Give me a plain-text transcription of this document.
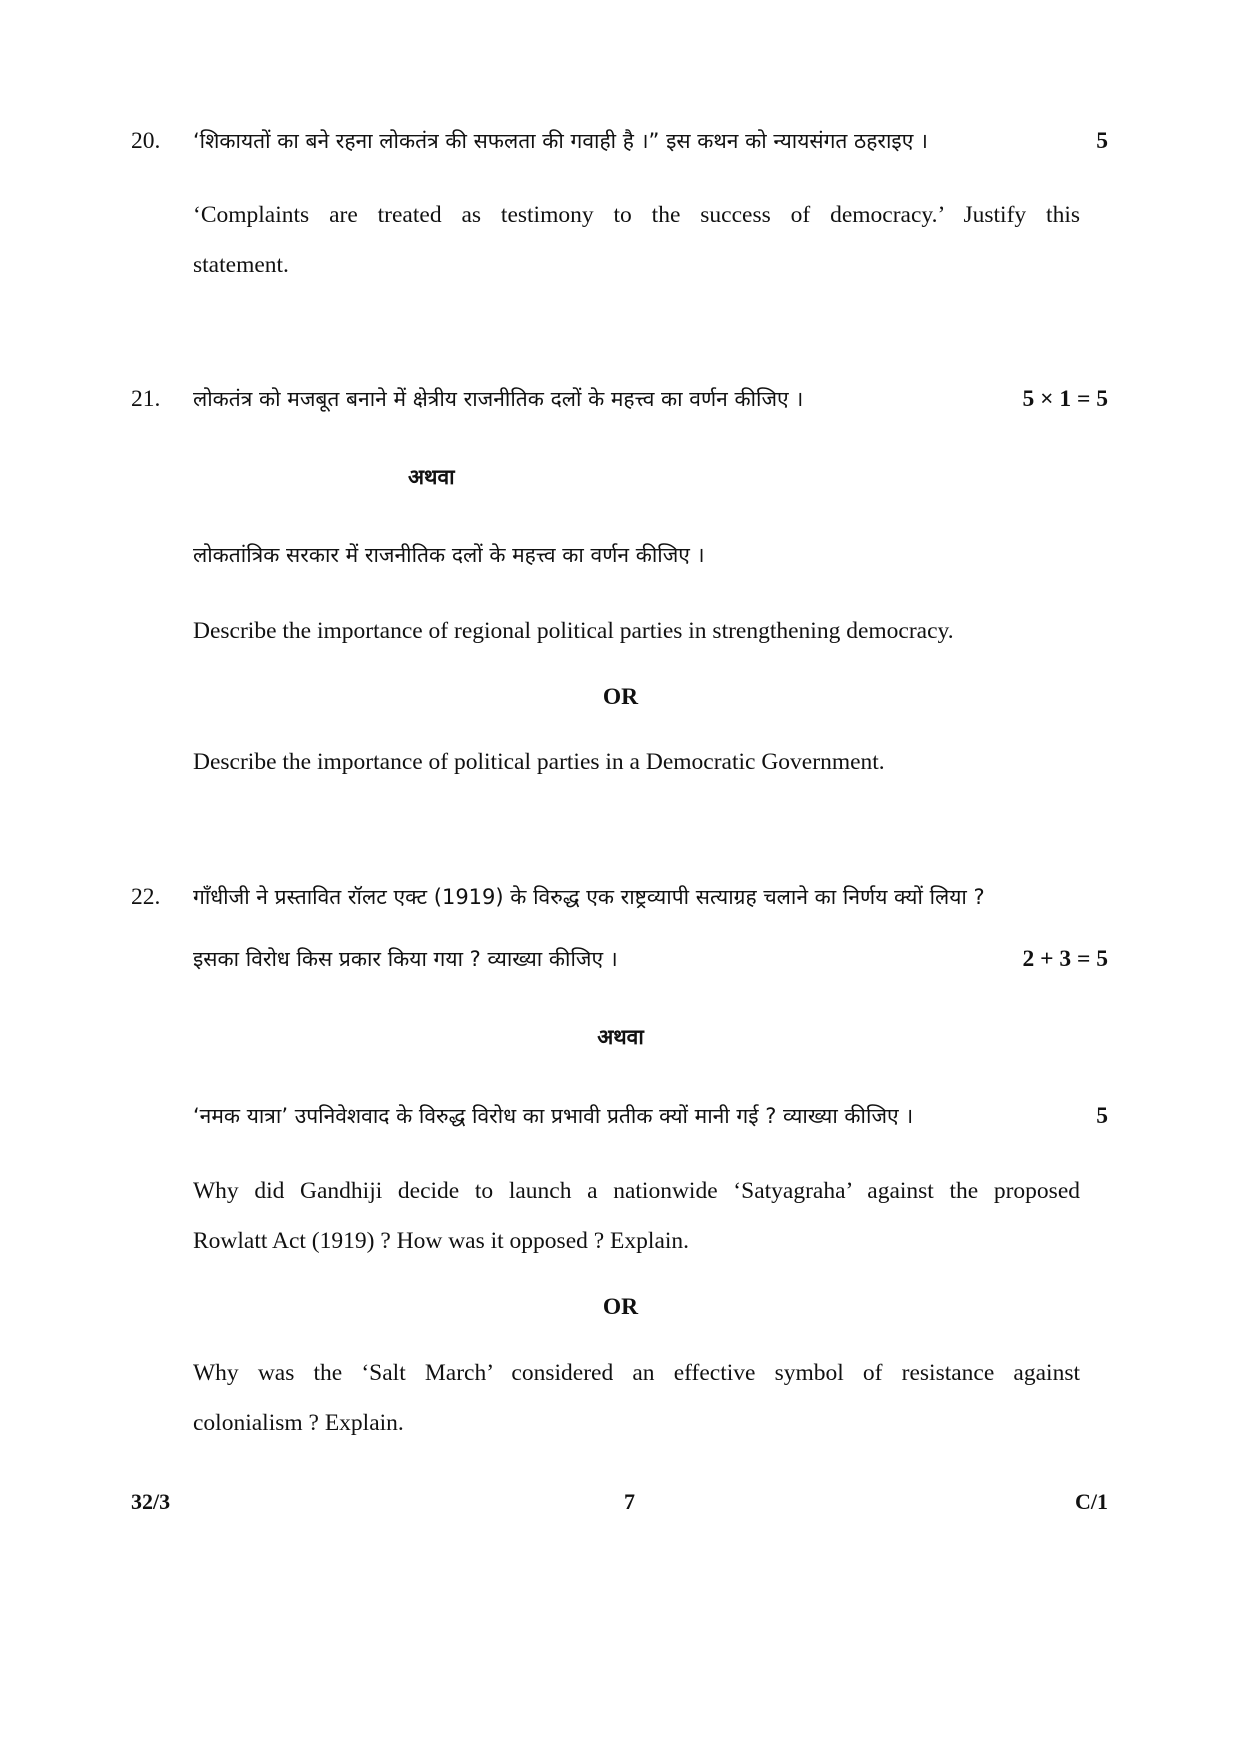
20. ‘शिकायतों का बने रहना लोकतंत्र की सफलता की गवाही है ।” इस कथन को न्यायसंगत ठहराइए ।	5
‘Complaints are treated as testimony to the success of democracy.’ Justify this
statement.
21. लोकतंत्र को मजबूत बनाने में क्षेत्रीय राजनीतिक दलों के महत्त्व का वर्णन कीजिए ।	5 × 1 = 5
अथवा
लोकतांत्रिक सरकार में राजनीतिक दलों के महत्त्व का वर्णन कीजिए ।
Describe the importance of regional political parties in strengthening democracy.
OR
Describe the importance of political parties in a Democratic Government.
22. गाँधीजी ने प्रस्तावित रॉलट एक्ट (1919) के विरुद्ध एक राष्ट्रव्यापी सत्याग्रह चलाने का निर्णय क्यों लिया ?
इसका विरोध किस प्रकार किया गया ? व्याख्या कीजिए ।	2 + 3 = 5
अथवा
‘नमक यात्रा’ उपनिवेशवाद के विरुद्ध विरोध का प्रभावी प्रतीक क्यों मानी गई ? व्याख्या कीजिए ।	5
Why did Gandhiji decide to launch a nationwide ‘Satyagraha’ against the proposed
Rowlatt Act (1919) ? How was it opposed ? Explain.
OR
Why was the ‘Salt March’ considered an effective symbol of resistance against
colonialism ? Explain.
32/3	7	C/1
